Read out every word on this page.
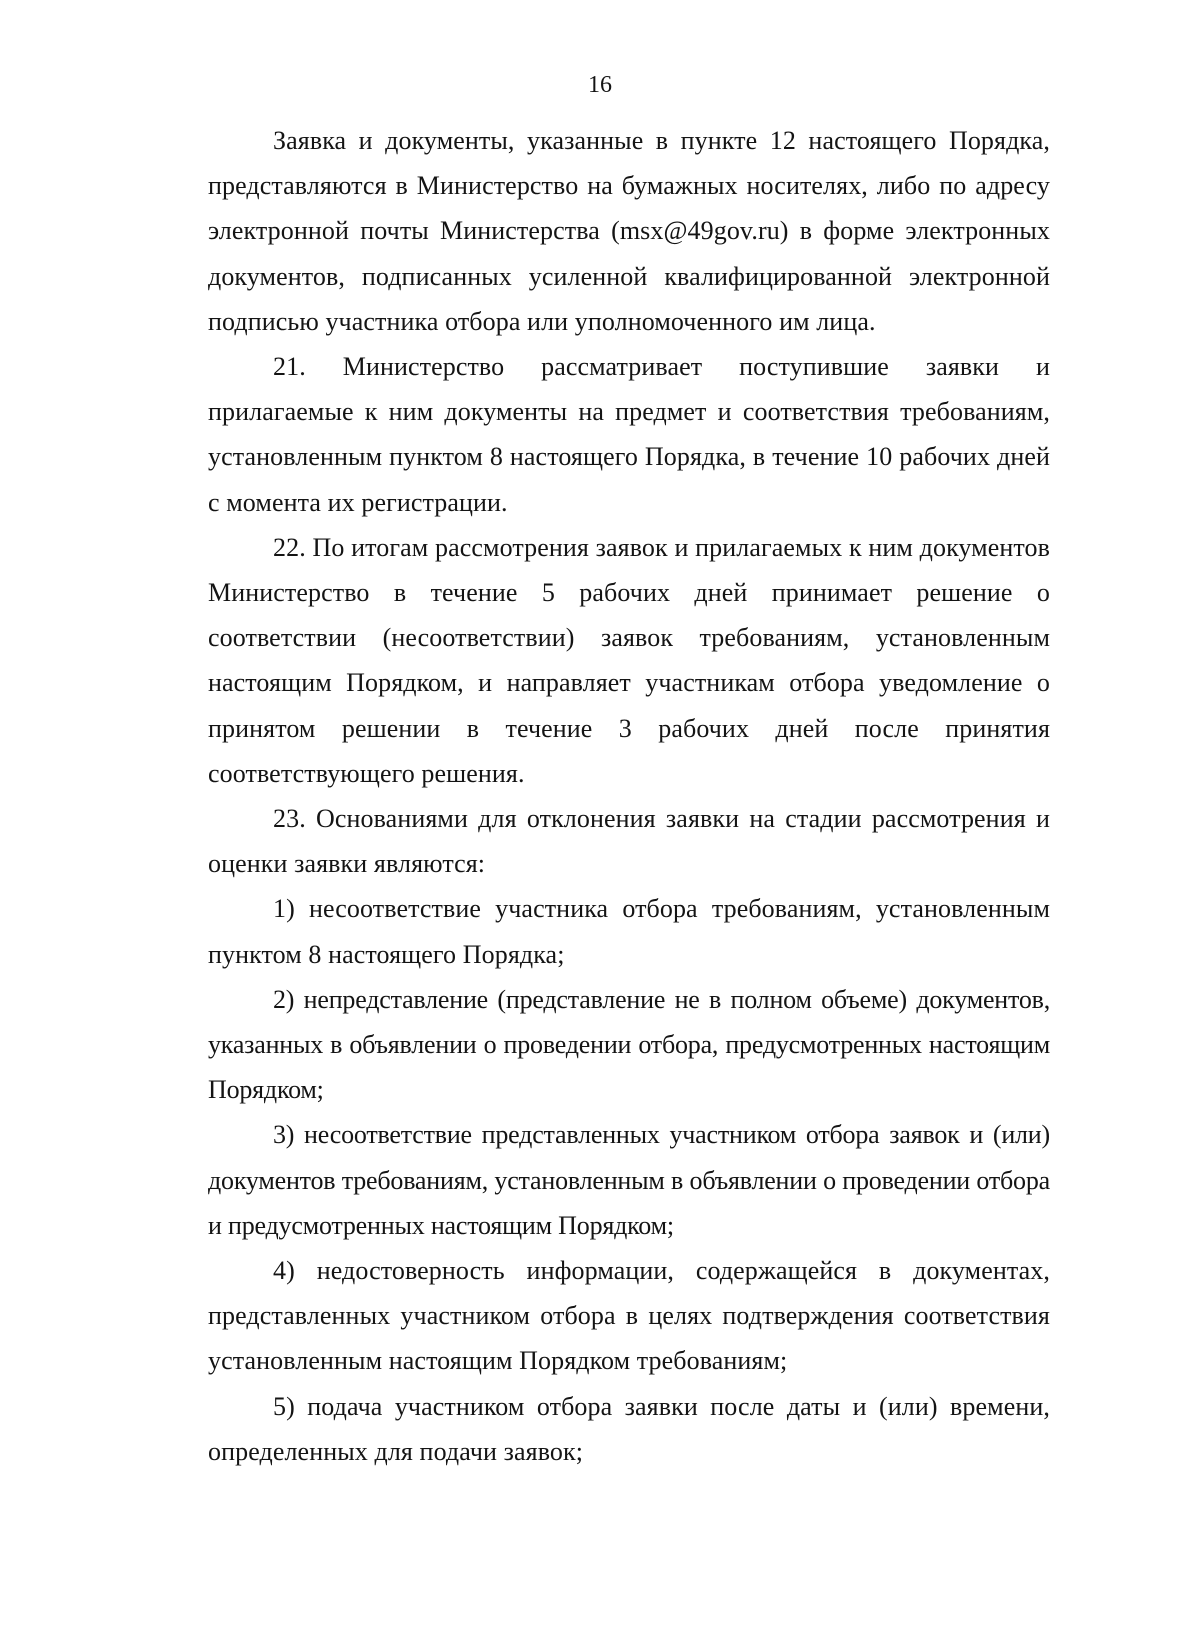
16

Заявка и документы, указанные в пункте 12 настоящего Порядка, представляются в Министерство на бумажных носителях, либо по адресу электронной почты Министерства (msx@49gov.ru) в форме электронных документов, подписанных усиленной квалифицированной электронной подписью участника отбора или уполномоченного им лица.

21. Министерство рассматривает поступившие заявки и прилагаемые к ним документы на предмет и соответствия требованиям, установленным пунктом 8 настоящего Порядка, в течение 10 рабочих дней с момента их регистрации.

22. По итогам рассмотрения заявок и прилагаемых к ним документов Министерство в течение 5 рабочих дней принимает решение о соответствии (несоответствии) заявок требованиям, установленным настоящим Порядком, и направляет участникам отбора уведомление о принятом решении в течение 3 рабочих дней после принятия соответствующего решения.

23. Основаниями для отклонения заявки на стадии рассмотрения и оценки заявки являются:

1) несоответствие участника отбора требованиям, установленным пунктом 8 настоящего Порядка;

2) непредставление (представление не в полном объеме) документов, указанных в объявлении о проведении отбора, предусмотренных настоящим Порядком;

3) несоответствие представленных участником отбора заявок и (или) документов требованиям, установленным в объявлении о проведении отбора и предусмотренных настоящим Порядком;

4) недостоверность информации, содержащейся в документах, представленных участником отбора в целях подтверждения соответствия установленным настоящим Порядком требованиям;

5) подача участником отбора заявки после даты и (или) времени, определенных для подачи заявок;
